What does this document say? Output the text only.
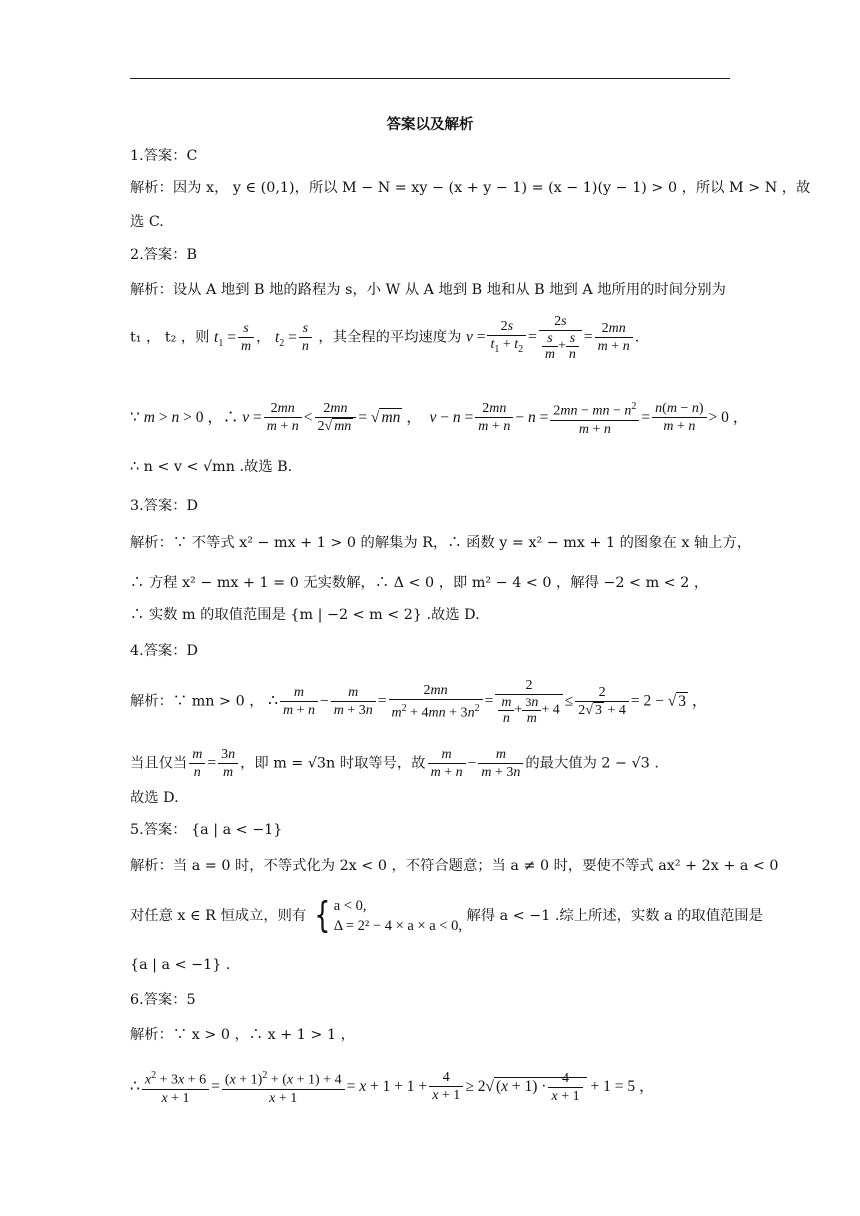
答案以及解析
1.答案：C
解析：因为 x， y ∈ (0,1)，所以 M − N = xy − (x + y − 1) = (x − 1)(y − 1) > 0 ，所以 M > N ，故
选 C.
2.答案：B
解析：设从 A 地到 B 地的路程为 s，小 W 从 A 地到 B 地和从 B 地到 A 地所用的时间分别为
t₁ ， t₂ ，则 $t_1 = \frac{s}{m}$ ， $t_2 = \frac{s}{n}$ ，其全程的平均速度为 $v = \frac{2s}{t_1 + t_2} = \frac{2s}{\frac{s}{m} + \frac{s}{n}} = \frac{2mn}{m + n}$ .
∵ m > n > 0 ，∴ $v = \frac{2mn}{m + n} < \frac{2mn}{2√ mn}$ = √ mn ，  $v - n = \frac{2mn}{m + n} - n = \frac{2mn - mn - n^2}{m + n} = \frac{n(m - n)}{m + n} > 0$ ，
∴ n < v < √mn .故选 B.
3.答案：D
解析：∵ 不等式 x² − mx + 1 > 0 的解集为 R，∴ 函数 y = x² − mx + 1 的图象在 x 轴上方，
∴ 方程 x² − mx + 1 = 0 无实数解，∴ Δ < 0 ，即 m² − 4 < 0 ，解得 −2 < m < 2 ，
∴ 实数 m 的取值范围是 {m | −2 < m < 2} .故选 D.
4.答案：D
解析：∵ mn > 0 ， ∴ $\frac{m}{m + n} - \frac{m}{m + 3n} = \frac{2mn}{m^2 + 4mn + 3n^2} = \frac{2}{\frac{m}{n} + \frac{3n}{m} + 4} \le \frac{2}{2√ 3 + 4} = 2$ − √ 3 ，
当且仅当 $\frac{m}{n} = \frac{3n}{m}$ ，即 m = √3n 时取等号，故 $\frac{m}{m + n} - \frac{m}{m + 3n}$ 的最大值为 2 − √3 .
故选 D.
5.答案： {a | a < −1}
解析：当 a = 0 时，不等式化为 2x < 0 ，不符合题意；当 a ≠ 0 时，要使不等式 ax² + 2x + a < 0
对任意 x ∈ R 恒成立，则有 { a < 0,
Δ = 2² − 4 × a × a < 0,
解得 a < −1 .综上所述，实数 a 的取值范围是
{a | a < −1} .
6.答案：5
解析：∵ x > 0 ，∴ x + 1 > 1 ，
∴ $\frac{x^2 + 3x + 6}{x + 1} = \frac{(x + 1)^2 + (x + 1) + 4}{x + 1} = x + 1 + 1 + \frac{4}{x + 1} \ge 2√$ $(x + 1) \cdot \frac{4}{x + 1} + 1 = 5$ ，
